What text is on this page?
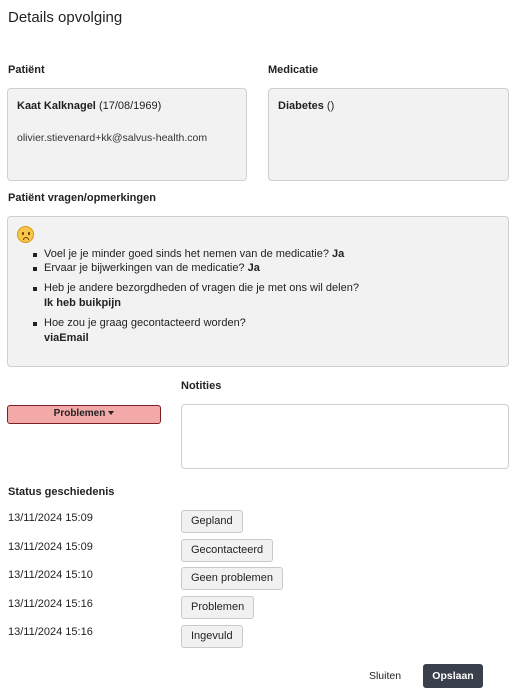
Details opvolging
Patiënt
Kaat Kalknagel (17/08/1969)
olivier.stievenard+kk@salvus-health.com
Medicatie
Diabetes ()
Patiënt vragen/opmerkingen
Voel je je minder goed sinds het nemen van de medicatie? Ja
Ervaar je bijwerkingen van de medicatie? Ja
Heb je andere bezorgdheden of vragen die je met ons wil delen?
Ik heb buikpijn
Hoe zou je graag gecontacteerd worden?
viaEmail
Problemen
Notities
Status geschiedenis
13/11/2024 15:09	Gepland
13/11/2024 15:09	Gecontacteerd
13/11/2024 15:10	Geen problemen
13/11/2024 15:16	Problemen
13/11/2024 15:16	Ingevuld
Sluiten	Opslaan
